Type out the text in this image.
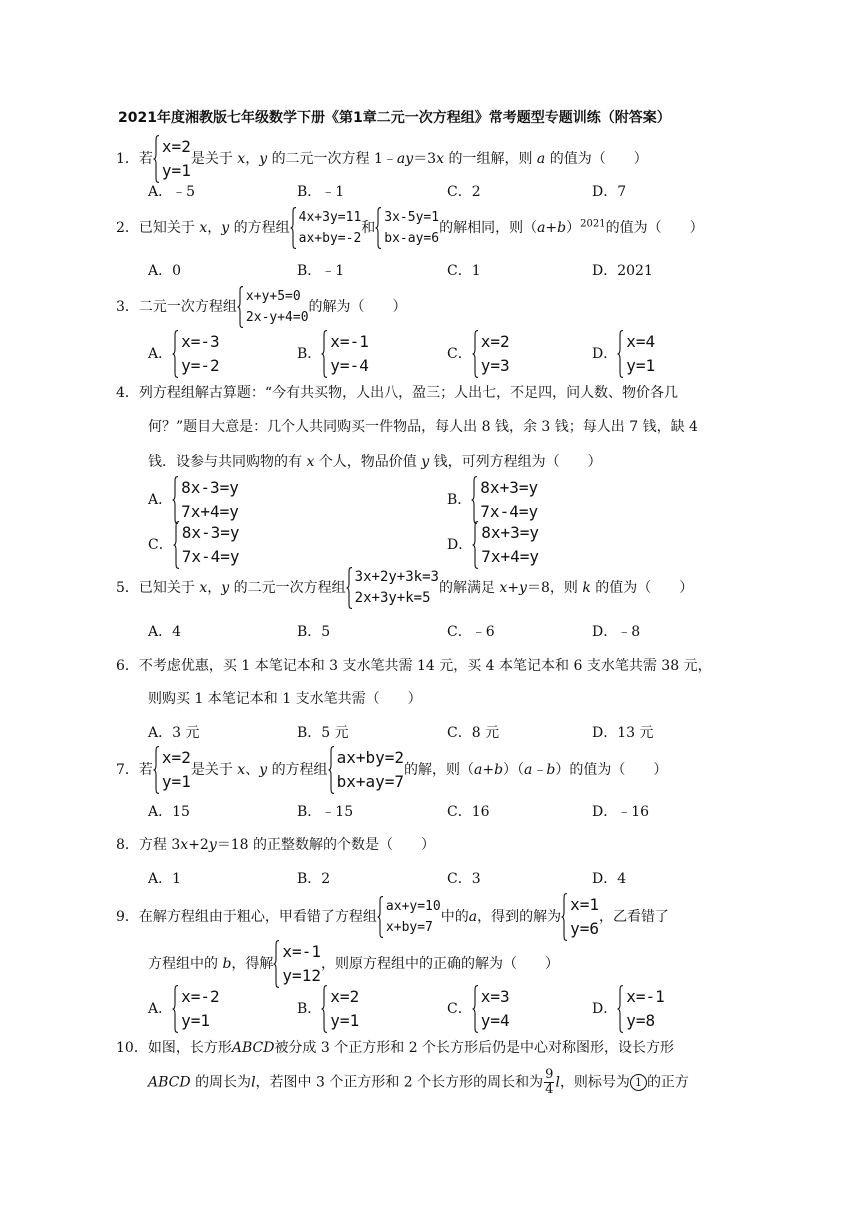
2021年度湘教版七年级数学下册《第1章二元一次方程组》常考题型专题训练（附答案）
1．若
x=2
y=1
是关于 x，y 的二元一次方程 1﹣ay＝3x 的一组解，则 a 的值为（　　）
A．﹣5	B．﹣1	C．2	D．7
2．已知关于 x，y 的方程组
4x+3y=11
ax+by=-2
和
3x-5y=1
bx-ay=6
的解相同，则$(a+b)^{2021}$的值为（　　）
A．0	B．﹣1	C．1	D．2021
3．二元一次方程组
x+y+5=0
2x-y+4=0
的解为（　　）
A．
x=-3
y=-2
B．
x=-1
y=-4
C．
x=2
y=3
D．
x=4
y=1
4．列方程组解古算题：“今有共买物，人出八，盈三；人出七，不足四，问人数、物价各几
何？”题目大意是：几个人共同购买一件物品，每人出 8 钱，余 3 钱；每人出 7 钱，缺 4
钱．设参与共同购物的有 x 个人，物品价值 y 钱，可列方程组为（　　）
A．
8x-3=y
7x+4=y
B．
8x+3=y
7x-4=y
C．
8x-3=y
7x-4=y
D．
8x+3=y
7x+4=y
5．已知关于 x，y 的二元一次方程组
3x+2y+3k=3
2x+3y+k=5
的解满足 x+y＝8，则 k 的值为（　　）
A．4	B．5	C．﹣6	D．﹣8
6．不考虑优惠，买 1 本笔记本和 3 支水笔共需 14 元，买 4 本笔记本和 6 支水笔共需 38 元，
则购买 1 本笔记本和 1 支水笔共需（　　）
A．3 元	B．5 元	C．8 元	D．13 元
7．若
x=2
y=1
是关于 x、y 的方程组
ax+by=2
bx+ay=7
的解，则（a+b）（a﹣b）的值为（　　）
A．15	B．﹣15	C．16	D．﹣16
8．方程 3x+2y＝18 的正整数解的个数是（　　）
A．1	B．2	C．3	D．4
9．在解方程组由于粗心，甲看错了方程组
ax+y=10
x+by=7
中的a，得到的解为
x=1
y=6
，乙看错了
方程组中的 b，得解
x=-1
y=12
，则原方程组中的正确的解为（　　）
A．
x=-2
y=1
B．
x=2
y=1
C．
x=3
y=4
D．
x=-1
y=8
10．如图，长方形ABCD被分成 3 个正方形和 2 个长方形后仍是中心对称图形，设长方形
ABCD 的周长为l，若图中 3 个正方形和 2 个长方形的周长和为 $\frac{9}{4}$ l，则标号为 1 的正方
